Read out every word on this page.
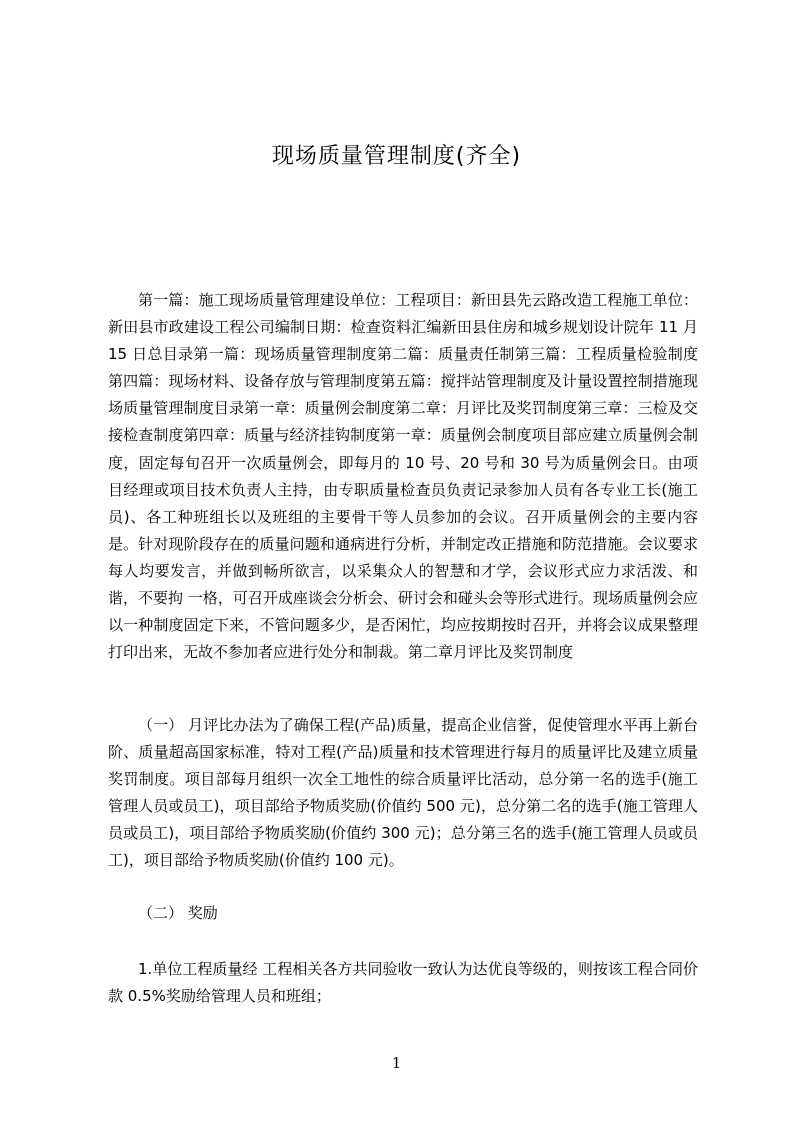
现场质量管理制度(齐全)

第一篇：施工现场质量管理建设单位：工程项目：新田县先云路改造工程施工单位：新田县市政建设工程公司编制日期：检查资料汇编新田县住房和城乡规划设计院年 11 月 15 日总目录第一篇：现场质量管理制度第二篇：质量责任制第三篇：工程质量检验制度第四篇：现场材料、设备存放与管理制度第五篇：搅拌站管理制度及计量设置控制措施现场质量管理制度目录第一章：质量例会制度第二章：月评比及奖罚制度第三章：三检及交接检查制度第四章：质量与经济挂钩制度第一章：质量例会制度项目部应建立质量例会制度，固定每旬召开一次质量例会，即每月的 10 号、20 号和 30 号为质量例会日。由项目经理或项目技术负责人主持，由专职质量检查员负责记录参加人员有各专业工长(施工员)、各工种班组长以及班组的主要骨干等人员参加的会议。召开质量例会的主要内容是。针对现阶段存在的质量问题和通病进行分析，并制定改正措施和防范措施。会议要求每人均要发言，并做到畅所欲言，以采集众人的智慧和才学，会议形式应力求活泼、和谐，不要拘 一格，可召开成座谈会分析会、研讨会和碰头会等形式进行。现场质量例会应以一种制度固定下来，不管问题多少，是否闲忙，均应按期按时召开，并将会议成果整理 打印出来，无故不参加者应进行处分和制裁。第二章月评比及奖罚制度

（一） 月评比办法为了确保工程(产品)质量，提高企业信誉，促使管理水平再上新台阶、质量超高国家标准，特对工程(产品)质量和技术管理进行每月的质量评比及建立质量奖罚制度。项目部每月组织一次全工地性的综合质量评比活动，总分第一名的选手(施工管理人员或员工)，项目部给予物质奖励(价值约 500 元)，总分第二名的选手(施工管理人员或员工)，项目部给予物质奖励(价值约 300 元)；总分第三名的选手(施工管理人员或员工)，项目部给予物质奖励(价值约 100 元)。

（二） 奖励

1.单位工程质量经 工程相关各方共同验收一致认为达优良等级的，则按该工程合同价款 0.5%奖励给管理人员和班组；

1
